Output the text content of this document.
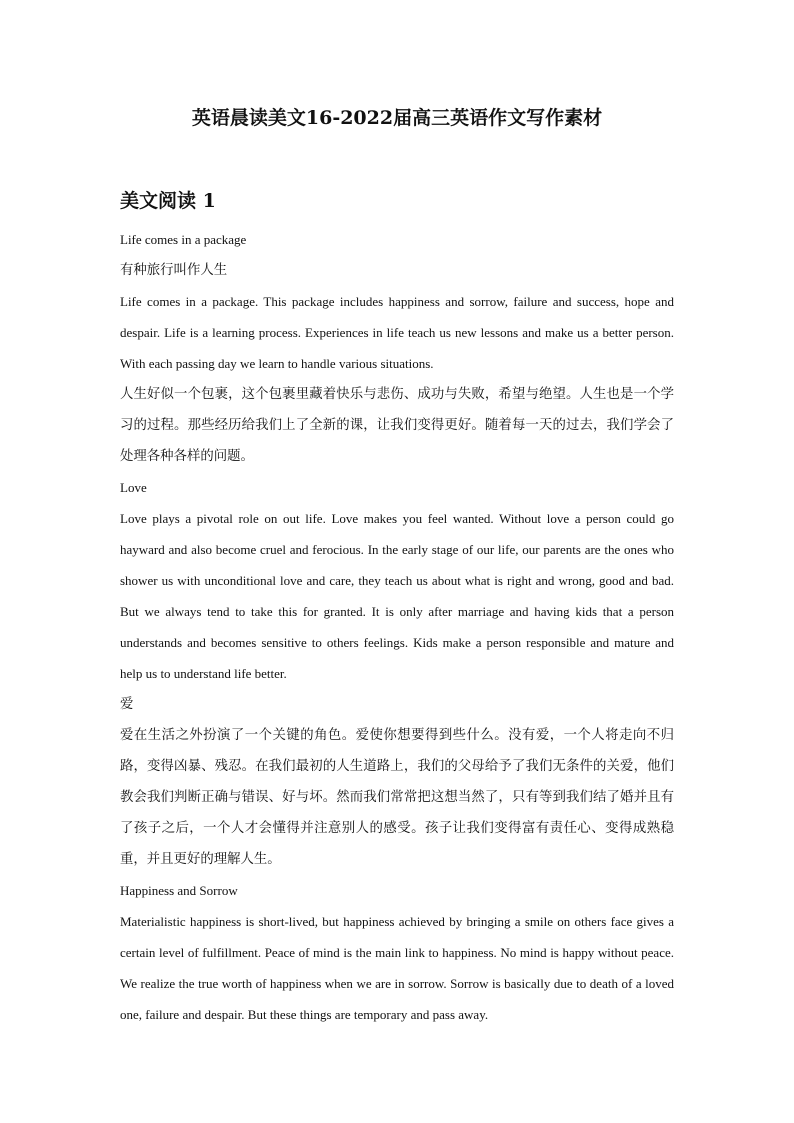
英语晨读美文16-2022届高三英语作文写作素材
美文阅读 1

Life comes in a package

有种旅行叫作人生

Life comes in a package. This package includes happiness and sorrow, failure and success, hope and despair. Life is a learning process. Experiences in life teach us new lessons and make us a better person. With each passing day we learn to handle various situations.

人生好似一个包裹，这个包裹里藏着快乐与悲伤、成功与失败，希望与绝望。人生也是一个学习的过程。那些经历给我们上了全新的课，让我们变得更好。随着每一天的过去，我们学会了处理各种各样的问题。

Love

Love plays a pivotal role on out life. Love makes you feel wanted. Without love a person could go hayward and also become cruel and ferocious. In the early stage of our life, our parents are the ones who shower us with unconditional love and care, they teach us about what is right and wrong, good and bad. But we always tend to take this for granted. It is only after marriage and having kids that a person understands and becomes sensitive to others feelings. Kids make a person responsible and mature and help us to understand life better.

爱

爱在生活之外扮演了一个关键的角色。爱使你想要得到些什么。没有爱，一个人将走向不归路，变得凶暴、残忍。在我们最初的人生道路上，我们的父母给予了我们无条件的关爱，他们教会我们判断正确与错误、好与坏。然而我们常常把这想当然了，只有等到我们结了婚并且有了孩子之后，一个人才会懂得并注意别人的感受。孩子让我们变得富有责任心、变得成熟稳重，并且更好的理解人生。

Happiness and Sorrow

Materialistic happiness is short-lived, but happiness achieved by bringing a smile on others face gives a certain level of fulfillment. Peace of mind is the main link to happiness. No mind is happy without peace. We realize the true worth of happiness when we are in sorrow. Sorrow is basically due to death of a loved one, failure and despair. But these things are temporary and pass away.
